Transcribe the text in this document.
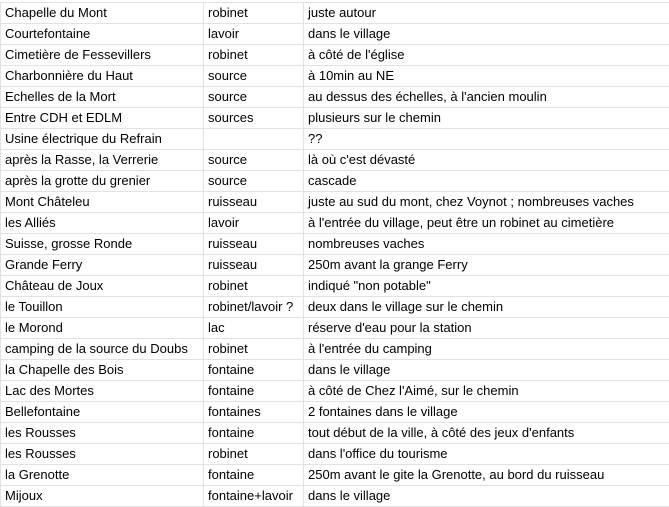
Chapelle du Mont	robinet	juste autour
Courtefontaine	lavoir	dans le village
Cimetière de Fessevillers	robinet	à côté de l'église
Charbonnière du Haut	source	à 10min au NE
Echelles de la Mort	source	au dessus des échelles, à l'ancien moulin
Entre CDH et EDLM	sources	plusieurs sur le chemin
Usine électrique du Refrain		??
après la Rasse, la Verrerie	source	là où c'est dévasté
après la grotte du grenier	source	cascade
Mont Châteleu	ruisseau	juste au sud du mont, chez Voynot ; nombreuses vaches
les Alliés	lavoir	à l'entrée du village, peut être un robinet au cimetière
Suisse, grosse Ronde	ruisseau	nombreuses vaches
Grande Ferry	ruisseau	250m avant la grange Ferry
Château de Joux	robinet	indiqué "non potable"
le Touillon	robinet/lavoir ?	deux dans le village sur le chemin
le Morond	lac	réserve d'eau pour la station
camping de la source du Doubs	robinet	à l'entrée du camping
la Chapelle des Bois	fontaine	dans le village
Lac des Mortes	fontaine	à côté de Chez l'Aimé, sur le chemin
Bellefontaine	fontaines	2 fontaines dans le village
les Rousses	fontaine	tout début de la ville, à côté des jeux d'enfants
les Rousses	robinet	dans l'office du tourisme
la Grenotte	fontaine	250m avant le gite la Grenotte, au bord du ruisseau
Mijoux	fontaine+lavoir	dans le village
